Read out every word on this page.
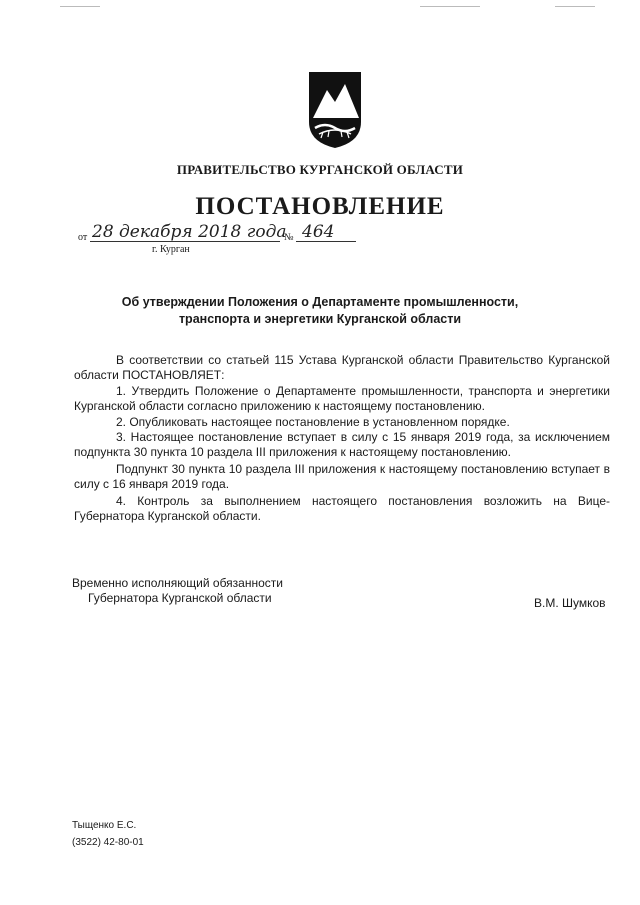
ПРАВИТЕЛЬСТВО КУРГАНСКОЙ ОБЛАСТИ
ПОСТАНОВЛЕНИЕ
от 28 декабря 2018 года
№ 464
г. Курган
Об утверждении Положения о Департаменте промышленности,
транспорта и энергетики Курганской области

В соответствии со статьей 115 Устава Курганской области Правительство Курганской области ПОСТАНОВЛЯЕТ:

1. Утвердить Положение о Департаменте промышленности, транспорта и энергетики Курганской области согласно приложению к настоящему постановлению.

2. Опубликовать настоящее постановление в установленном порядке.

3. Настоящее постановление вступает в силу с 15 января 2019 года, за исключением подпункта 30 пункта 10 раздела III приложения к настоящему постановлению.

Подпункт 30 пункта 10 раздела III приложения к настоящему постановлению вступает в силу с 16 января 2019 года.

4. Контроль за выполнением настоящего постановления возложить на Вице-Губернатора Курганской области.

Временно исполняющий обязанности
Губернатора Курганской области	В.М. Шумков
Тыщенко Е.С.
(3522) 42-80-01
